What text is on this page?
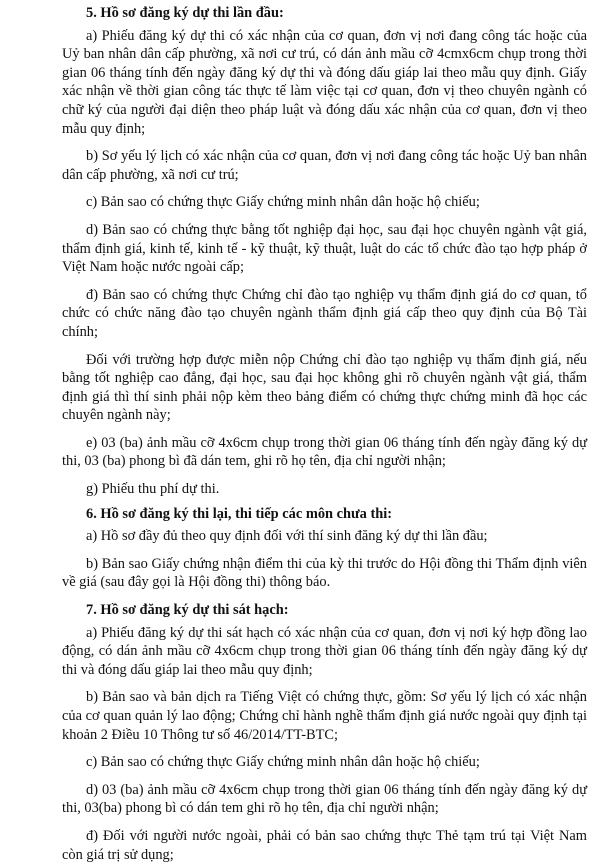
5. Hồ sơ đăng ký dự thi lần đầu:

a) Phiếu đăng ký dự thi có xác nhận của cơ quan, đơn vị nơi đang công tác hoặc của Uỷ ban nhân dân cấp phường, xã nơi cư trú, có dán ảnh mầu cỡ 4cmx6cm chụp trong thời gian 06 tháng tính đến ngày đăng ký dự thi và đóng dấu giáp lai theo mẫu quy định. Giấy xác nhận về thời gian công tác thực tế làm việc tại cơ quan, đơn vị theo chuyên ngành có chữ ký của người đại diện theo pháp luật và đóng dấu xác nhận của cơ quan, đơn vị theo mẫu quy định;

b) Sơ yếu lý lịch có xác nhận của cơ quan, đơn vị nơi đang công tác hoặc Uỷ ban nhân dân cấp phường, xã nơi cư trú;

c) Bản sao có chứng thực Giấy chứng minh nhân dân hoặc hộ chiếu;

d) Bản sao có chứng thực bằng tốt nghiệp đại học, sau đại học chuyên ngành vật giá, thẩm định giá, kinh tế, kinh tế - kỹ thuật, kỹ thuật, luật do các tổ chức đào tạo hợp pháp ở Việt Nam hoặc nước ngoài cấp;

đ) Bản sao có chứng thực Chứng chỉ đào tạo nghiệp vụ thẩm định giá do cơ quan, tổ chức có chức năng đào tạo chuyên ngành thẩm định giá cấp theo quy định của Bộ Tài chính;

Đối với trường hợp được miễn nộp Chứng chỉ đào tạo nghiệp vụ thẩm định giá, nếu bằng tốt nghiệp cao đẳng, đại học, sau đại học không ghi rõ chuyên ngành vật giá, thẩm định giá thì thí sinh phải nộp kèm theo bảng điểm có chứng thực chứng minh đã học các chuyên ngành này;

e) 03 (ba) ảnh mầu cỡ 4x6cm chụp trong thời gian 06 tháng tính đến ngày đăng ký dự thi, 03 (ba) phong bì đã dán tem, ghi rõ họ tên, địa chỉ người nhận;

g) Phiếu thu phí dự thi.

6. Hồ sơ đăng ký thi lại, thi tiếp các môn chưa thi:

a) Hồ sơ đầy đủ theo quy định đối với thí sinh đăng ký dự thi lần đầu;

b) Bản sao Giấy chứng nhận điểm thi của kỳ thi trước do Hội đồng thi Thẩm định viên về giá (sau đây gọi là Hội đồng thi) thông báo.

7. Hồ sơ đăng ký dự thi sát hạch:

a) Phiếu đăng ký dự thi sát hạch có xác nhận của cơ quan, đơn vị nơi ký hợp đồng lao động, có dán ảnh mầu cỡ 4x6cm chụp trong thời gian 06 tháng tính đến ngày đăng ký dự thi và đóng dấu giáp lai theo mẫu quy định;

b) Bản sao và bản dịch ra Tiếng Việt có chứng thực, gồm: Sơ yếu lý lịch có xác nhận của cơ quan quản lý lao động; Chứng chỉ hành nghề thẩm định giá nước ngoài quy định tại khoản 2 Điều 10 Thông tư số 46/2014/TT-BTC;

c) Bản sao có chứng thực Giấy chứng minh nhân dân hoặc hộ chiếu;

d) 03 (ba) ảnh mầu cỡ 4x6cm chụp trong thời gian 06 tháng tính đến ngày đăng ký dự thi, 03(ba) phong bì có dán tem ghi rõ họ tên, địa chỉ người nhận;

đ) Đối với người nước ngoài, phải có bản sao chứng thực Thẻ tạm trú tại Việt Nam còn giá trị sử dụng;
